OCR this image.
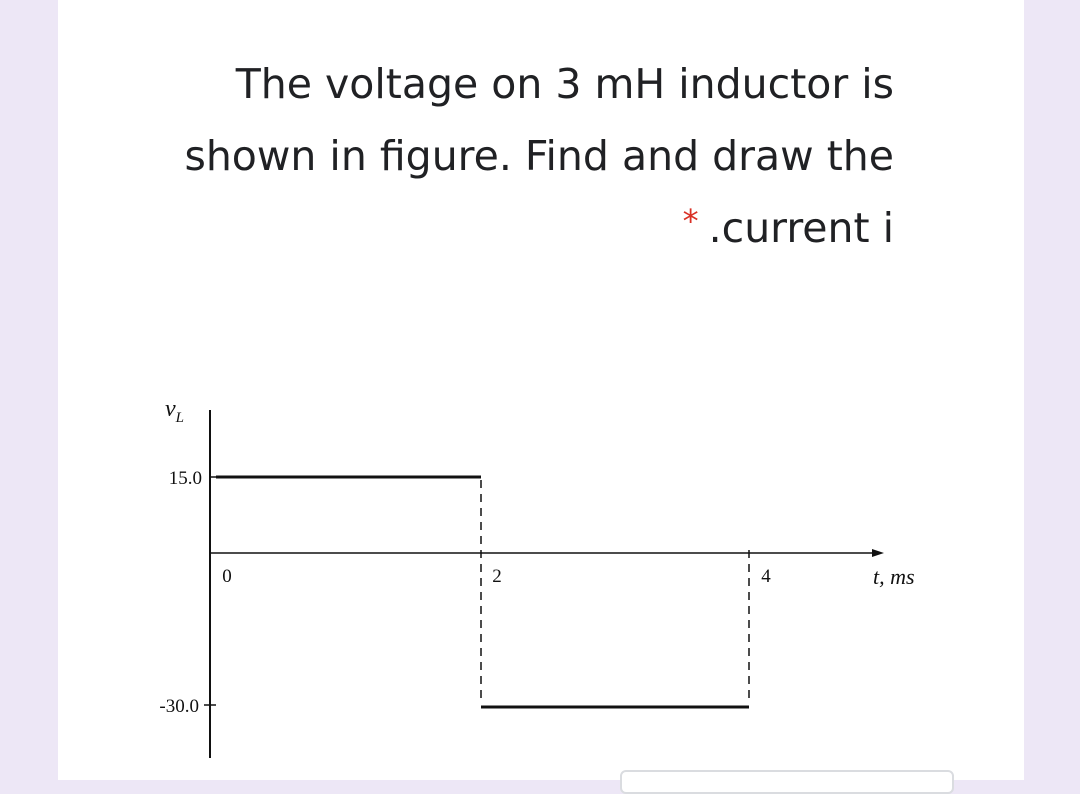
The voltage on 3 mH inductor is
shown in figure. Find and draw the
* .current i
$v_L$
15.0
-30.0
0	2	4	t, ms
